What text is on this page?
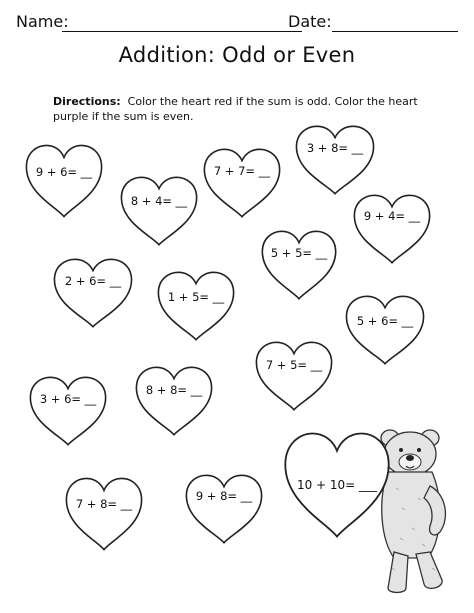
Name:	Date:
Addition: Odd or Even
Directions: Color the heart red if the sum is odd. Color the heart purple if the sum is even.
9 + 6= __	7 + 7= __
3 + 8= __
8 + 4= __
9 + 4= __
5 + 5= __
2 + 6= __
1 + 5= __
5 + 6= __
7 + 5= __
3 + 6= __
8 + 8= __
7 + 8= __
9 + 8= __
10 + 10= ___
